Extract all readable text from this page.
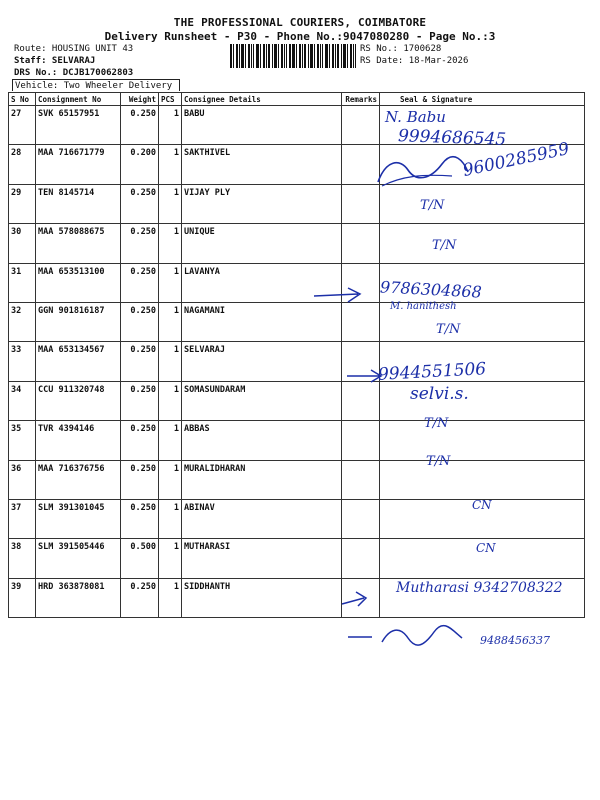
THE PROFESSIONAL COURIERS, COIMBATORE
Delivery Runsheet - P30 - Phone No.:9047080280 - Page No.:3
Route: HOUSING UNIT 43
Staff: SELVARAJ
DRS No.: DCJB170062803
Vehicle: Two Wheeler Delivery
RS No.: 1700628
RS Date: 18-Mar-2026
S No	Consignment No	Weight	PCS	Consignee Details	Remarks	Seal & Signature
27	SVK 65157951	0.250	1	BABU		
28	MAA 716671779	0.200	1	SAKTHIVEL		
29	TEN 8145714	0.250	1	VIJAY PLY		
30	MAA 578088675	0.250	1	UNIQUE		
31	MAA 653513100	0.250	1	LAVANYA		
32	GGN 901816187	0.250	1	NAGAMANI		
33	MAA 653134567	0.250	1	SELVARAJ		
34	CCU 911320748	0.250	1	SOMASUNDARAM		
35	TVR 4394146	0.250	1	ABBAS		
36	MAA 716376756	0.250	1	MURALIDHARAN		
37	SLM 391301045	0.250	1	ABINAV		
38	SLM 391505446	0.500	1	MUTHARASI		
39	HRD 363878081	0.250	1	SIDDHANTH		
N. Babu
9994686545
9600285959
T/N
T/N
9786304868
M. hanithesh
T/N
9944551506
selvi.s.
T/N
T/N
CN
CN
Mutharasi 9342708322
9488456337
